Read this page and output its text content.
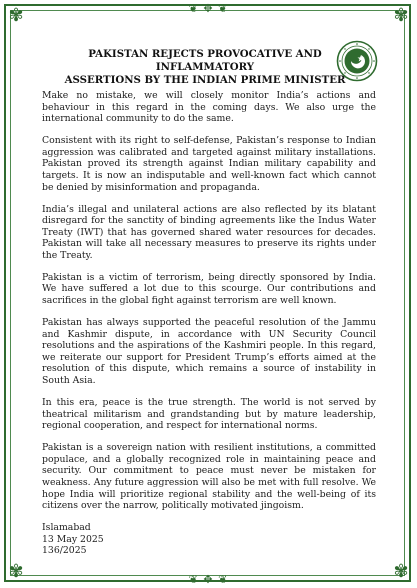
❦ ✥ ❦
❦ ✥ ❦
✾	✾
✾	✾
PAKISTAN REJECTS PROVOCATIVE AND INFLAMMATORY
ASSERTIONS BY THE INDIAN PRIME MINISTER

Make no mistake, we will closely monitor India’s actions and behaviour in this regard in the coming days. We also urge the international community to do the same.

Consistent with its right to self-defense, Pakistan’s response to Indian aggression was calibrated and targeted against military installations. Pakistan proved its strength against Indian military capability and targets. It is now an indisputable and well-known fact which cannot be denied by misinformation and propaganda.

India’s illegal and unilateral actions are also reflected by its blatant disregard for the sanctity of binding agreements like the Indus Water Treaty (IWT) that has governed shared water resources for decades. Pakistan will take all necessary measures to preserve its rights under the Treaty.

Pakistan is a victim of terrorism, being directly sponsored by India. We have suffered a lot due to this scourge. Our contributions and sacrifices in the global fight against terrorism are well known.

Pakistan has always supported the peaceful resolution of the Jammu and Kashmir dispute, in accordance with UN Security Council resolutions and the aspirations of the Kashmiri people. In this regard, we reiterate our support for President Trump’s efforts aimed at the resolution of this dispute, which remains a source of instability in South Asia.

In this era, peace is the true strength. The world is not served by theatrical militarism and grandstanding but by mature leadership, regional cooperation, and respect for international norms.

Pakistan is a sovereign nation with resilient institutions, a committed populace, and a globally recognized role in maintaining peace and security. Our commitment to peace must never be mistaken for weakness. Any future aggression will also be met with full resolve. We hope India will prioritize regional stability and the well-being of its citizens over the narrow, politically motivated jingoism.

Islamabad
13 May 2025
136/2025
